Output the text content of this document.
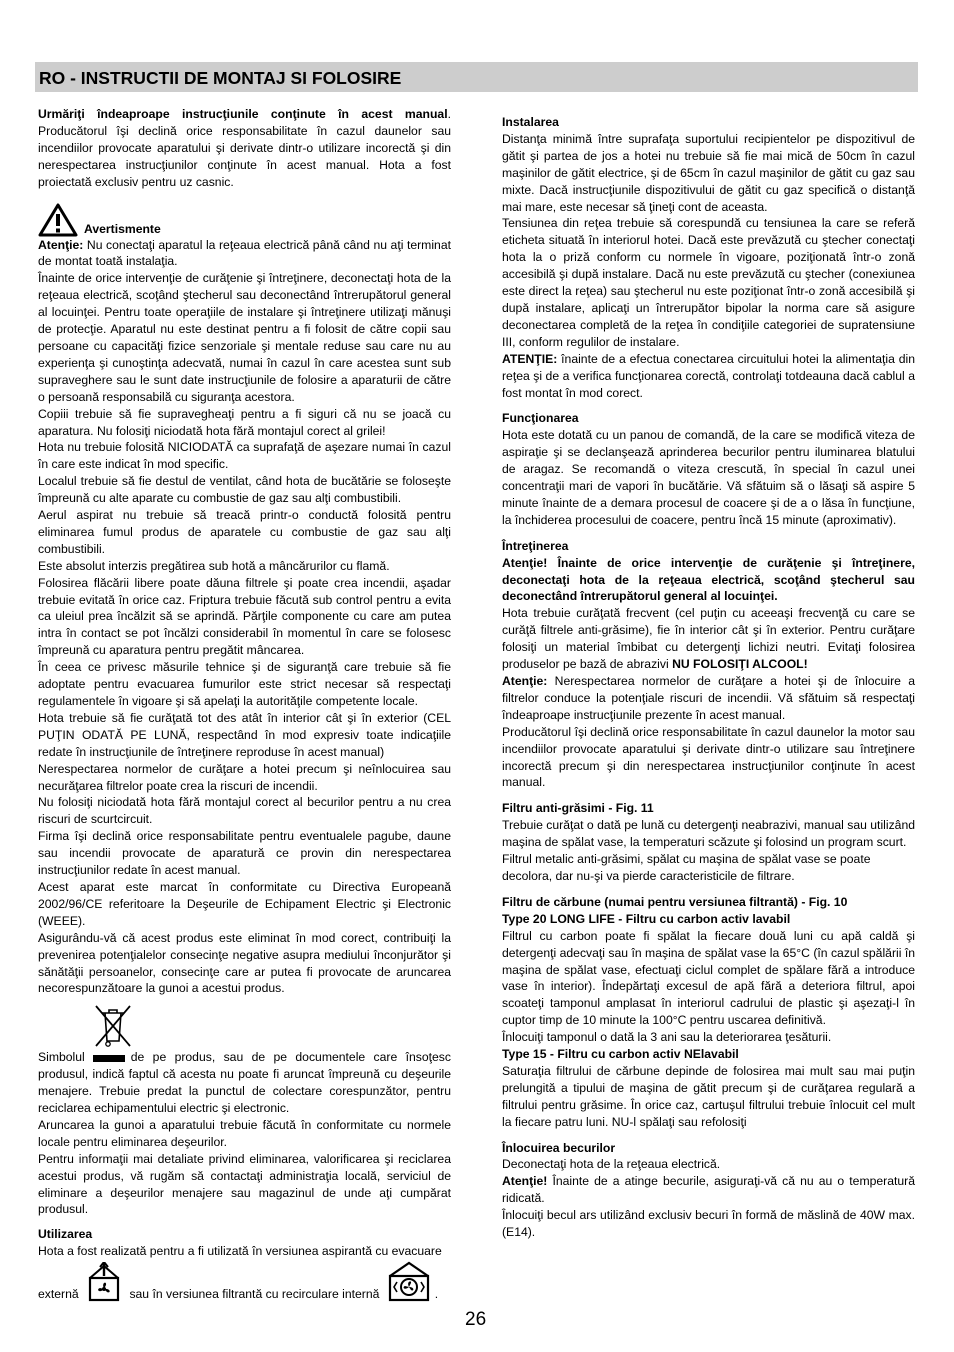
RO - INSTRUCTII DE MONTAJ SI FOLOSIRE

Urmăriţi îndeaproape instrucţiunile conţinute în acest manual. Producătorul îşi declină orice responsabilitate în cazul daunelor sau incendiilor provocate aparatului şi derivate dintr-o utilizare incorectă şi din nerespectarea instrucţiunilor conţinute în acest manual. Hota a fost proiectată exclusiv pentru uz casnic.

Avertismente

Atenţie: Nu conectaţi aparatul la reţeaua electrică până când nu aţi terminat de montat toată instalaţia.

Înainte de orice intervenţie de curăţenie şi întreţinere, deconectaţi hota de la reţeaua electrică, scoţând ştecherul sau deconectând întrerupătorul general al locuinţei. Pentru toate operaţiile de instalare şi întreţinere utilizaţi mănuşi de protecţie. Aparatul nu este destinat pentru a fi folosit de către copii sau persoane cu capacităţi fizice senzoriale şi mentale reduse sau care nu au experienţa şi cunoştinţa adecvată, numai în cazul în care acestea sunt sub supraveghere sau le sunt date instrucţiunile de folosire a aparaturii de către o persoană responsabilă cu siguranţa acestora.

Copiii trebuie să fie supravegheaţi pentru a fi siguri că nu se joacă cu aparatura. Nu folosiţi niciodată hota fără montajul corect al grilei!

Hota nu trebuie folosită NICIODATĂ ca suprafaţă de aşezare numai în cazul în care este indicat în mod specific.

Localul trebuie să fie destul de ventilat, când hota de bucătărie se foloseşte împreună cu alte aparate cu combustie de gaz sau alţi combustibili.

Aerul aspirat nu trebuie să treacă printr-o conductă folosită pentru eliminarea fumul produs de aparatele cu combustie de gaz sau alţi combustibili.

Este absolut interzis pregătirea sub hotă a mâncărurilor cu flamă.

Folosirea flăcării libere poate dăuna filtrele şi poate crea incendii, aşadar trebuie evitată în orice caz. Friptura trebuie făcută sub control pentru a evita ca uleiul prea încălzit să se aprindă. Părţile componente cu care am putea intra în contact se pot încălzi considerabil în momentul în care se folosesc împreună cu aparatura pentru pregătit mâncarea.

În ceea ce privesc măsurile tehnice şi de siguranţă care trebuie să fie adoptate pentru evacuarea fumurilor este strict necesar să respectaţi regulamentele în vigoare şi să apelaţi la autorităţile competente locale.

Hota trebuie să fie curăţată tot des atât în interior cât şi în exterior (CEL PUŢIN ODATĂ PE LUNĂ, respectând în mod expresiv toate indicaţiile redate în instrucţiunile de întreţinere reproduse în acest manual)

Nerespectarea normelor de curăţare a hotei precum şi neînlocuirea sau necurăţarea filtrelor poate crea la riscuri de incendii.

Nu folosiţi niciodată hota fără montajul corect al becurilor pentru a nu crea riscuri de scurtcircuit.

Firma îşi declină orice responsabilitate pentru eventualele pagube, daune sau incendii provocate de aparatură ce provin din nerespectarea instrucţiunilor redate în acest manual.

Acest aparat este marcat în conformitate cu Directiva Europeană 2002/96/CE referitoare la Deşeurile de Echipament Electric şi Electronic (WEEE).

Asigurându-vă că acest produs este eliminat în mod corect, contribuiţi la prevenirea potenţialelor consecinţe negative asupra mediului înconjurător şi sănătăţii persoanelor, consecinţe care ar putea fi provocate de aruncarea necorespunzătoare la gunoi a acestui produs.

Simbolul	de pe produs, sau de pe documentele care însoţesc produsul, indică faptul că acesta nu poate fi aruncat împreună cu deşeurile menajere. Trebuie predat la punctul de colectare corespunzător, pentru reciclarea echipamentului electric şi electronic.

Aruncarea la gunoi a aparatului trebuie făcută în conformitate cu normele locale pentru eliminarea deşeurilor.

Pentru informaţii mai detaliate privind eliminarea, valorificarea şi reciclarea acestui produs, vă rugăm să contactaţi administraţia locală, serviciul de eliminare a deşeurilor menajere sau magazinul de unde aţi cumpărat produsul.

Utilizarea

Hota a fost realizată pentru a fi utilizată în versiunea aspirantă cu evacuare

externă	sau în versiunea filtrantă cu recirculare internă	.

Instalarea

Distanţa minimă între suprafaţa suportului recipientelor pe dispozitivul de gătit şi partea de jos a hotei nu trebuie să fie mai mică de 50cm în cazul maşinilor de gătit electrice, şi de 65cm în cazul maşinilor de gătit cu gaz sau mixte. Dacă instrucţiunile dispozitivului de gătit cu gaz specifică o distanţă mai mare, este necesar să ţineţi cont de aceasta.

Tensiunea din reţea trebuie să corespundă cu tensiunea la care se referă eticheta situată în interiorul hotei. Dacă este prevăzută cu ştecher conectaţi hota la o priză conform cu normele în vigoare, poziţionată într-o zonă accesibilă şi după instalare. Dacă nu este prevăzută cu ştecher (conexiunea este direct la reţea) sau ştecherul nu este poziţionat într-o zonă accesibilă şi după instalare, aplicaţi un întrerupător bipolar la norma care să asigure deconectarea completă de la reţea în condiţiile categoriei de supratensiune III, conform regulilor de instalare.

ATENŢIE: înainte de a efectua conectarea circuitului hotei la alimentaţia din reţea şi de a verifica funcţionarea corectă, controlaţi totdeauna dacă cablul a fost montat în mod corect.

Funcţionarea

Hota este dotată cu un panou de comandă, de la care se modifică viteza de aspiraţie şi se declanşează aprinderea becurilor pentru iluminarea blatului de aragaz. Se recomandă o viteza crescută, în special în cazul unei concentraţii mari de vapori în bucătărie. Vă sfătuim să o lăsaţi să aspire 5 minute înainte de a demara procesul de coacere şi de a o lăsa în funcţiune, la închiderea procesului de coacere, pentru încă 15 minute (aproximativ).

Întreţinerea

Atenţie! Înainte de orice intervenţie de curăţenie şi întreţinere, deconectaţi hota de la reţeaua electrică, scoţând ştecherul sau deconectând întrerupătorul general al locuinţei.

Hota trebuie curăţată frecvent (cel puţin cu aceeaşi frecvenţă cu care se curăţă filtrele anti-grăsime), fie în interior cât şi în exterior. Pentru curăţare folosiţi un material îmbibat cu detergenţi lichizi neutri. Evitaţi folosirea produselor pe bază de abrazivi NU FOLOSIŢI ALCOOL!

Atenţie: Nerespectarea normelor de curăţare a hotei şi de înlocuire a filtrelor conduce la potenţiale riscuri de incendii. Vă sfătuim să respectaţi îndeaproape instrucţiunile prezente în acest manual.

Producătorul îşi declină orice responsabilitate în cazul daunelor la motor sau incendiilor provocate aparatului şi derivate dintr-o utilizare sau întreţinere incorectă precum şi din nerespectarea instrucţiunilor conţinute în acest manual.

Filtru anti-grăsimi - Fig. 11

Trebuie curăţat o dată pe lună cu detergenţi neabrazivi, manual sau utilizând maşina de spălat vase, la temperaturi scăzute şi folosind un program scurt.

Filtrul metalic anti-grăsimi, spălat cu maşina de spălat vase se poate decolora, dar nu-şi va pierde caracteristicile de filtrare.

Filtru de cărbune (numai pentru versiunea filtrantă) - Fig. 10
Type 20 LONG LIFE - Filtru cu carbon activ lavabil

Filtrul cu carbon poate fi spălat la fiecare două luni cu apă caldă şi detergenţi adecvaţi sau în maşina de spălat vase la 65°C (în cazul spălării în maşina de spălat vase, efectuaţi ciclul complet de spălare fără a introduce vase în interior). Îndepărtaţi excesul de apă fără a deteriora filtrul, apoi scoateţi tamponul amplasat în interiorul cadrului de plastic şi aşezaţi-l în cuptor timp de 10 minute la 100°C pentru uscarea definitivă.

Înlocuiţi tamponul o dată la 3 ani sau la deteriorarea ţesăturii.

Type 15 - Filtru cu carbon activ NElavabil

Saturaţia filtrului de cărbune depinde de folosirea mai mult sau mai puţin prelungită a tipului de maşina de gătit precum şi de curăţarea regulară a filtrului pentru grăsime. În orice caz, cartuşul filtrului trebuie înlocuit cel mult la fiecare patru luni. NU-l spălaţi sau refolosiţi

Înlocuirea becurilor

Deconectaţi hota de la reţeaua electrică.

Atenţie! Înainte de a atinge becurile, asiguraţi-vă că nu au o temperatură ridicată.

Înlocuiţi becul ars utilizând exclusiv becuri în formă de măslină de 40W max. (E14).

26
